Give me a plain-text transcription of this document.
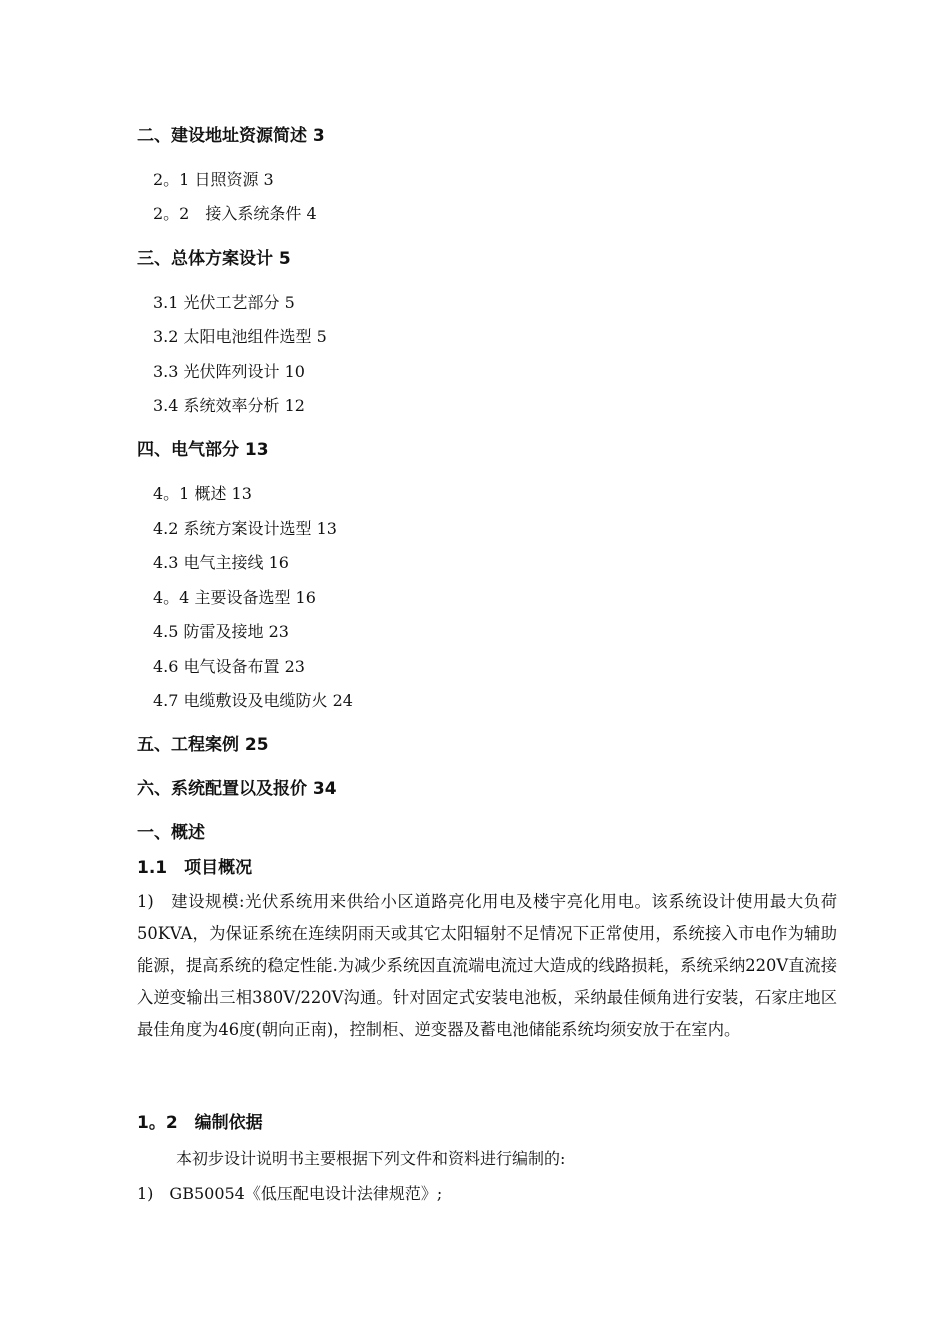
二、建设地址资源简述 3
2。1 日照资源 3
2。2　接入系统条件 4
三、总体方案设计 5
3.1 光伏工艺部分 5
3.2 太阳电池组件选型 5
3.3 光伏阵列设计 10
3.4 系统效率分析 12
四、电气部分 13
4。1 概述 13
4.2 系统方案设计选型 13
4.3 电气主接线 16
4。4 主要设备选型 16
4.5 防雷及接地 23
4.6 电气设备布置 23
4.7 电缆敷设及电缆防火 24
五、工程案例 25
六、系统配置以及报价 34
一、概述
1.1　项目概况
1)　建设规模:光伏系统用来供给小区道路亮化用电及楼宇亮化用电。该系统设计使用最大负荷50KVA，为保证系统在连续阴雨天或其它太阳辐射不足情况下正常使用，系统接入市电作为辅助能源，提高系统的稳定性能.为减少系统因直流端电流过大造成的线路损耗，系统采纳220V直流接入逆变输出三相380V/220V沟通。针对固定式安装电池板，采纳最佳倾角进行安装，石家庄地区最佳角度为46度(朝向正南)，控制柜、逆变器及蓄电池储能系统均须安放于在室内。
1。2　编制依据
本初步设计说明书主要根据下列文件和资料进行编制的:
1)　GB50054《低压配电设计法律规范》;
